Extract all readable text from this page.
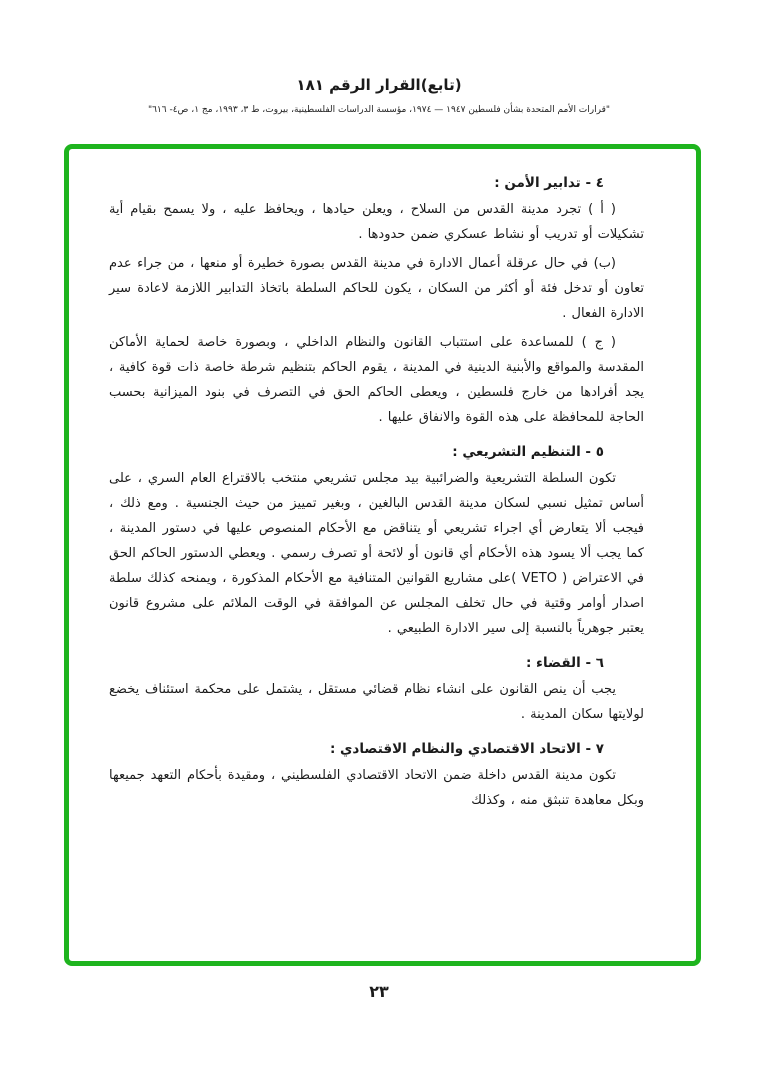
(تابع)القرار الرقم ١٨١
"قرارات الأمم المتحدة بشأن فلسطين ١٩٤٧ — ١٩٧٤، مؤسسة الدراسات الفلسطينية، بيروت، ط ٣، ١٩٩٣، مج ١، ص٤- ٦١٦"
٤ - تدابير الأمن :

( أ ) تجرد مدينة القدس من السلاح ، ويعلن حيادها ، ويحافظ عليه ، ولا يسمح بقيام أية تشكيلات أو تدريب أو نشاط عسكري ضمن حدودها .

(ب) في حال عرقلة أعمال الادارة في مدينة القدس بصورة خطيرة أو منعها ، من جراء عدم تعاون أو تدخل فئة أو أكثر من السكان ، يكون للحاكم السلطة باتخاذ التدابير اللازمة لاعادة سير الادارة الفعال .

( ج ) للمساعدة على استتباب القانون والنظام الداخلي ، وبصورة خاصة لحماية الأماكن المقدسة والمواقع والأبنية الدينية في المدينة ، يقوم الحاكم بتنظيم شرطة خاصة ذات قوة كافية ، يجد أفرادها من خارج فلسطين ، ويعطى الحاكم الحق في التصرف في بنود الميزانية بحسب الحاجة للمحافظة على هذه القوة والانفاق عليها .

٥ - التنظيم التشريعي :

تكون السلطة التشريعية والضرائبية بيد مجلس تشريعي منتخب بالاقتراع العام السري ، على أساس تمثيل نسبي لسكان مدينة القدس البالغين ، وبغير تمييز من حيث الجنسية . ومع ذلك ، فيجب ألا يتعارض أي اجراء تشريعي أو يتناقض مع الأحكام المنصوص عليها في دستور المدينة ، كما يجب ألا يسود هذه الأحكام أي قانون أو لائحة أو تصرف رسمي . ويعطي الدستور الحاكم الحق في الاعتراض ( VETO )على مشاريع القوانين المتنافية مع الأحكام المذكورة ، ويمنحه كذلك سلطة اصدار أوامر وقتية في حال تخلف المجلس عن الموافقة في الوقت الملائم على مشروع قانون يعتبر جوهرياً بالنسبة إلى سير الادارة الطبيعي .

٦ - القضاء :

يجب أن ينص القانون على انشاء نظام قضائي مستقل ، يشتمل على محكمة استئناف يخضع لولايتها سكان المدينة .

٧ - الاتحاد الاقتصادي والنظام الاقتصادي :

تكون مدينة القدس داخلة ضمن الاتحاد الاقتصادي الفلسطيني ، ومقيدة بأحكام التعهد جميعها وبكل معاهدة تنبثق منه ، وكذلك

٢٣
